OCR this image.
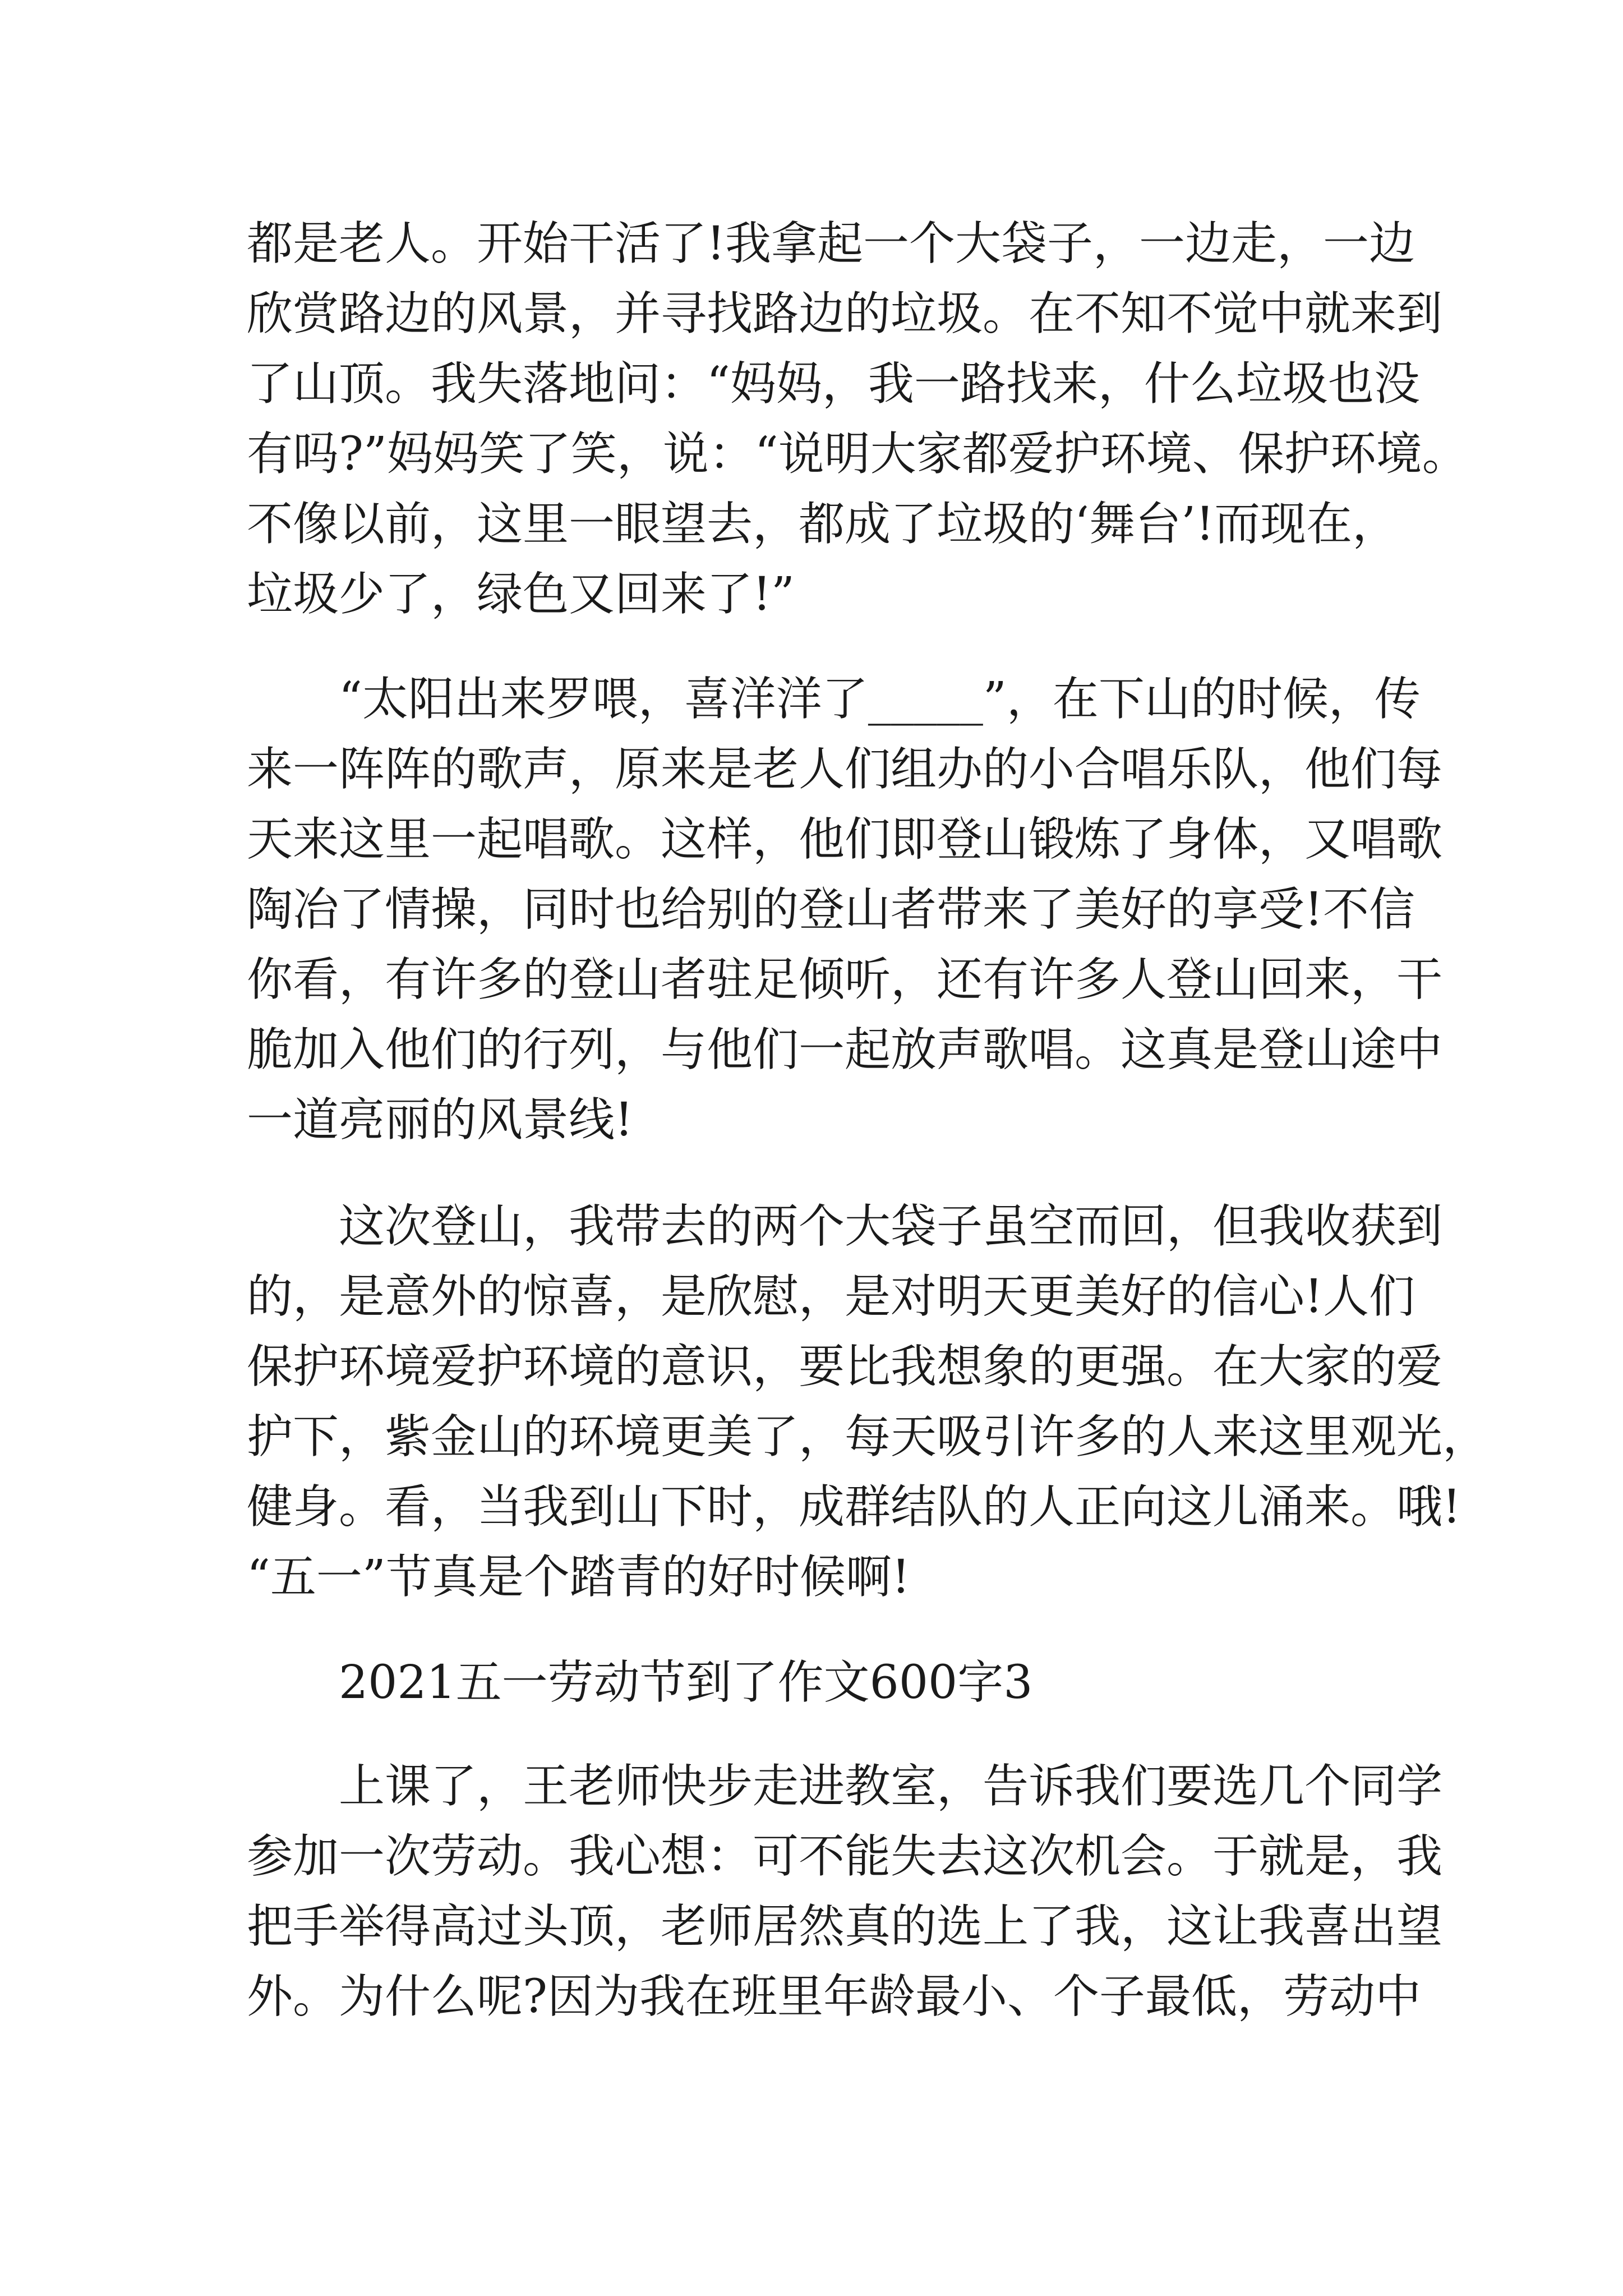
都是老人。开始干活了!我拿起一个大袋子，一边走，一边
欣赏路边的风景，并寻找路边的垃圾。在不知不觉中就来到
了山顶。我失落地问：“妈妈，我一路找来，什么垃圾也没
有吗?”妈妈笑了笑，说：“说明大家都爱护环境、保护环境。
不像以前，这里一眼望去，都成了垃圾的‘舞台’!而现在，
垃圾少了，绿色又回来了!”
“太阳出来罗喂，喜洋洋了_____”，在下山的时候，传
来一阵阵的歌声，原来是老人们组办的小合唱乐队，他们每
天来这里一起唱歌。这样，他们即登山锻炼了身体，又唱歌
陶冶了情操，同时也给别的登山者带来了美好的享受!不信
你看，有许多的登山者驻足倾听，还有许多人登山回来，干
脆加入他们的行列，与他们一起放声歌唱。这真是登山途中
一道亮丽的风景线!
这次登山，我带去的两个大袋子虽空而回，但我收获到
的，是意外的惊喜，是欣慰，是对明天更美好的信心!人们
保护环境爱护环境的意识，要比我想象的更强。在大家的爱
护下，紫金山的环境更美了，每天吸引许多的人来这里观光，
健身。看，当我到山下时，成群结队的人正向这儿涌来。哦!
“五一”节真是个踏青的好时候啊!
2021五一劳动节到了作文600字3
上课了，王老师快步走进教室，告诉我们要选几个同学
参加一次劳动。我心想：可不能失去这次机会。于就是，我
把手举得高过头顶，老师居然真的选上了我，这让我喜出望
外。为什么呢?因为我在班里年龄最小、个子最低，劳动中
